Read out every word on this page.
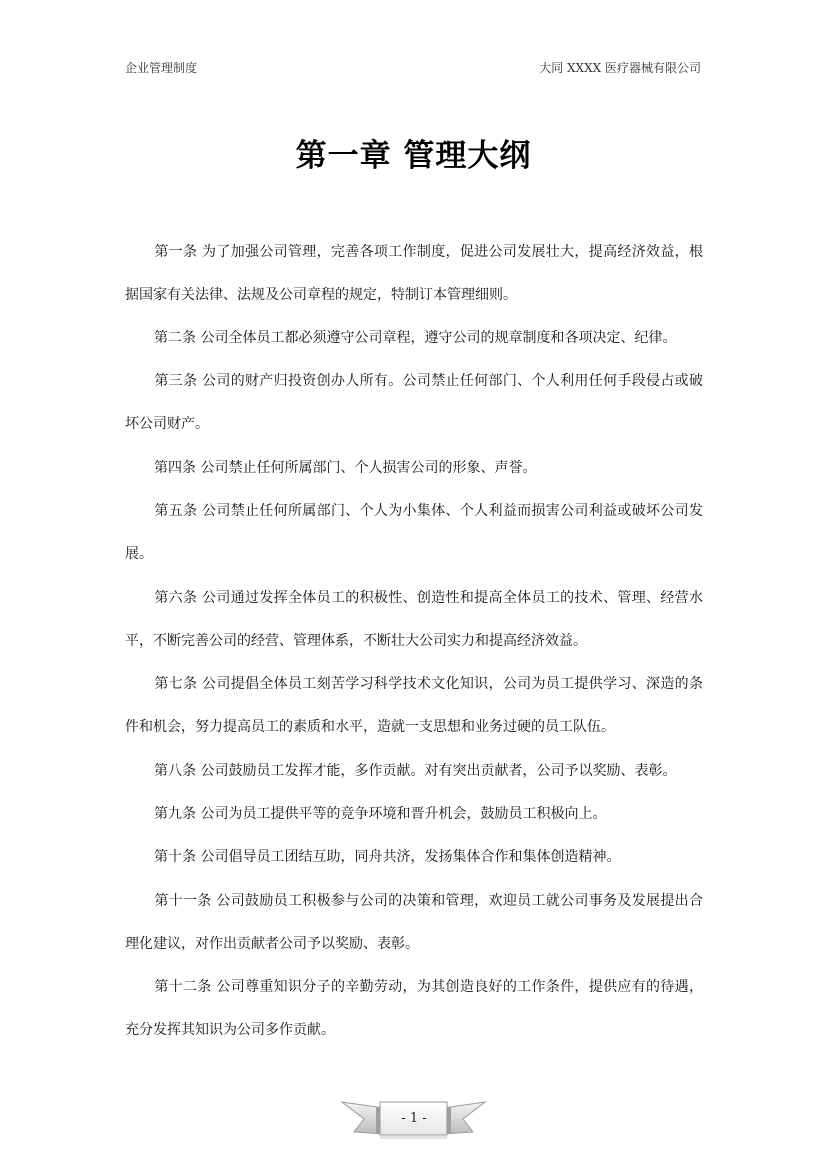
企业管理制度	大同 XXXX 医疗器械有限公司
第一章 管理大纲

第一条 为了加强公司管理，完善各项工作制度，促进公司发展壮大，提高经济效益，根据国家有关法律、法规及公司章程的规定，特制订本管理细则。

第二条 公司全体员工都必须遵守公司章程，遵守公司的规章制度和各项决定、纪律。

第三条 公司的财产归投资创办人所有。公司禁止任何部门、个人利用任何手段侵占或破坏公司财产。

第四条 公司禁止任何所属部门、个人损害公司的形象、声誉。

第五条 公司禁止任何所属部门、个人为小集体、个人利益而损害公司利益或破坏公司发展。

第六条 公司通过发挥全体员工的积极性、创造性和提高全体员工的技术、管理、经营水平，不断完善公司的经营、管理体系，不断壮大公司实力和提高经济效益。

第七条 公司提倡全体员工刻苦学习科学技术文化知识，公司为员工提供学习、深造的条件和机会，努力提高员工的素质和水平，造就一支思想和业务过硬的员工队伍。

第八条 公司鼓励员工发挥才能，多作贡献。对有突出贡献者，公司予以奖励、表彰。

第九条 公司为员工提供平等的竞争环境和晋升机会，鼓励员工积极向上。

第十条 公司倡导员工团结互助，同舟共济，发扬集体合作和集体创造精神。

第十一条 公司鼓励员工积极参与公司的决策和管理，欢迎员工就公司事务及发展提出合理化建议，对作出贡献者公司予以奖励、表彰。

第十二条 公司尊重知识分子的辛勤劳动，为其创造良好的工作条件，提供应有的待遇，充分发挥其知识为公司多作贡献。

- 1 -
